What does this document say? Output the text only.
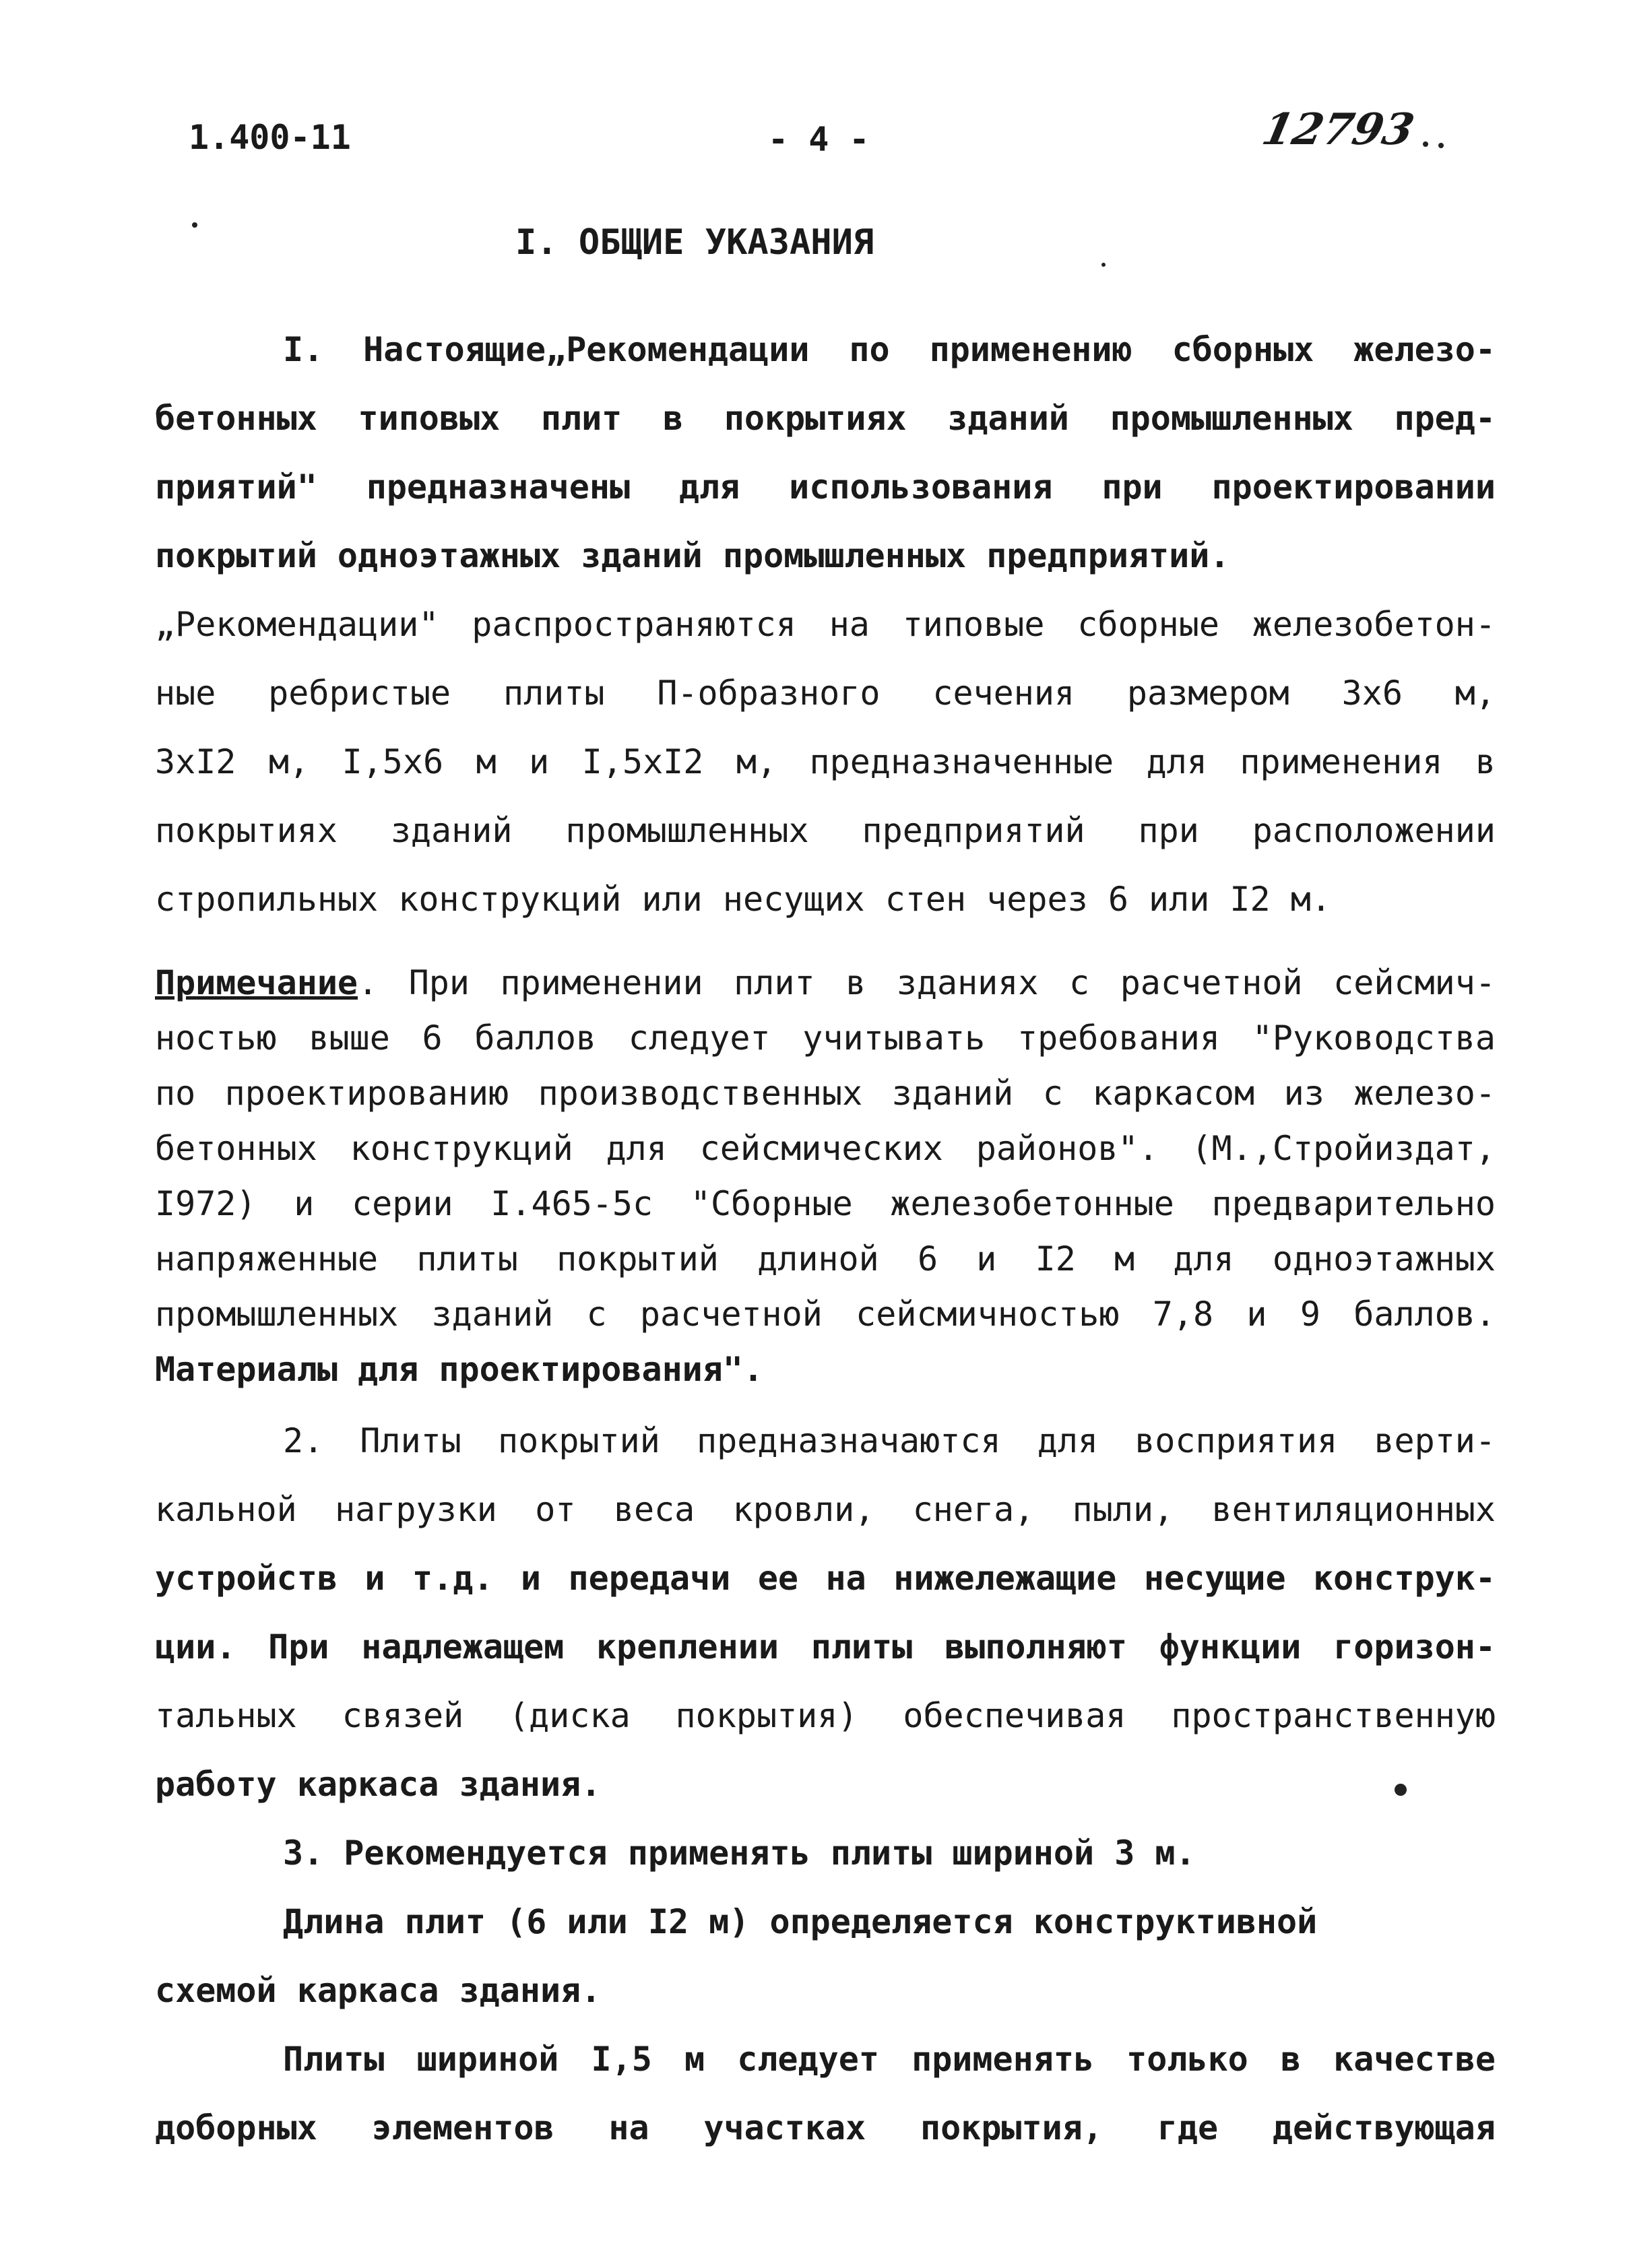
1.400-11	- 4 -	12793
I. ОБЩИЕ УКАЗАНИЯ
I. Настоящие„Рекомендации по применению сборных железо-
бетонных типовых плит в покрытиях зданий промышленных пред-
приятий" предназначены для использования при проектировании
покрытий одноэтажных зданий промышленных предприятий.
„Рекомендации" распространяются на типовые сборные железобетон-
ные ребристые плиты П-образного сечения размером 3х6 м,
3хI2 м, I,5х6 м и I,5хI2 м, предназначенные для применения в
покрытиях зданий промышленных предприятий при расположении
стропильных конструкций или несущих стен через 6 или I2 м.
Примечание. При применении плит в зданиях с расчетной сейсмич-
ностью выше 6 баллов следует учитывать требования "Руководства
по проектированию производственных зданий с каркасом из железо-
бетонных конструкций для сейсмических районов". (М.,Стройиздат,
I972) и серии I.465-5с "Сборные железобетонные предварительно
напряженные плиты покрытий длиной 6 и I2 м для одноэтажных
промышленных зданий с расчетной сейсмичностью 7,8 и 9 баллов.
Материалы для проектирования".
2. Плиты покрытий предназначаются для восприятия верти-
кальной нагрузки от веса кровли, снега, пыли, вентиляционных
устройств и т.д. и передачи ее на нижележащие несущие конструк-
ции. При надлежащем креплении плиты выполняют функции горизон-
тальных связей (диска покрытия) обеспечивая пространственную
работу каркаса здания.
3. Рекомендуется применять плиты шириной 3 м.
Длина плит (6 или I2 м) определяется конструктивной
схемой каркаса здания.
Плиты шириной I,5 м следует применять только в качестве
доборных элементов на участках покрытия, где действующая
